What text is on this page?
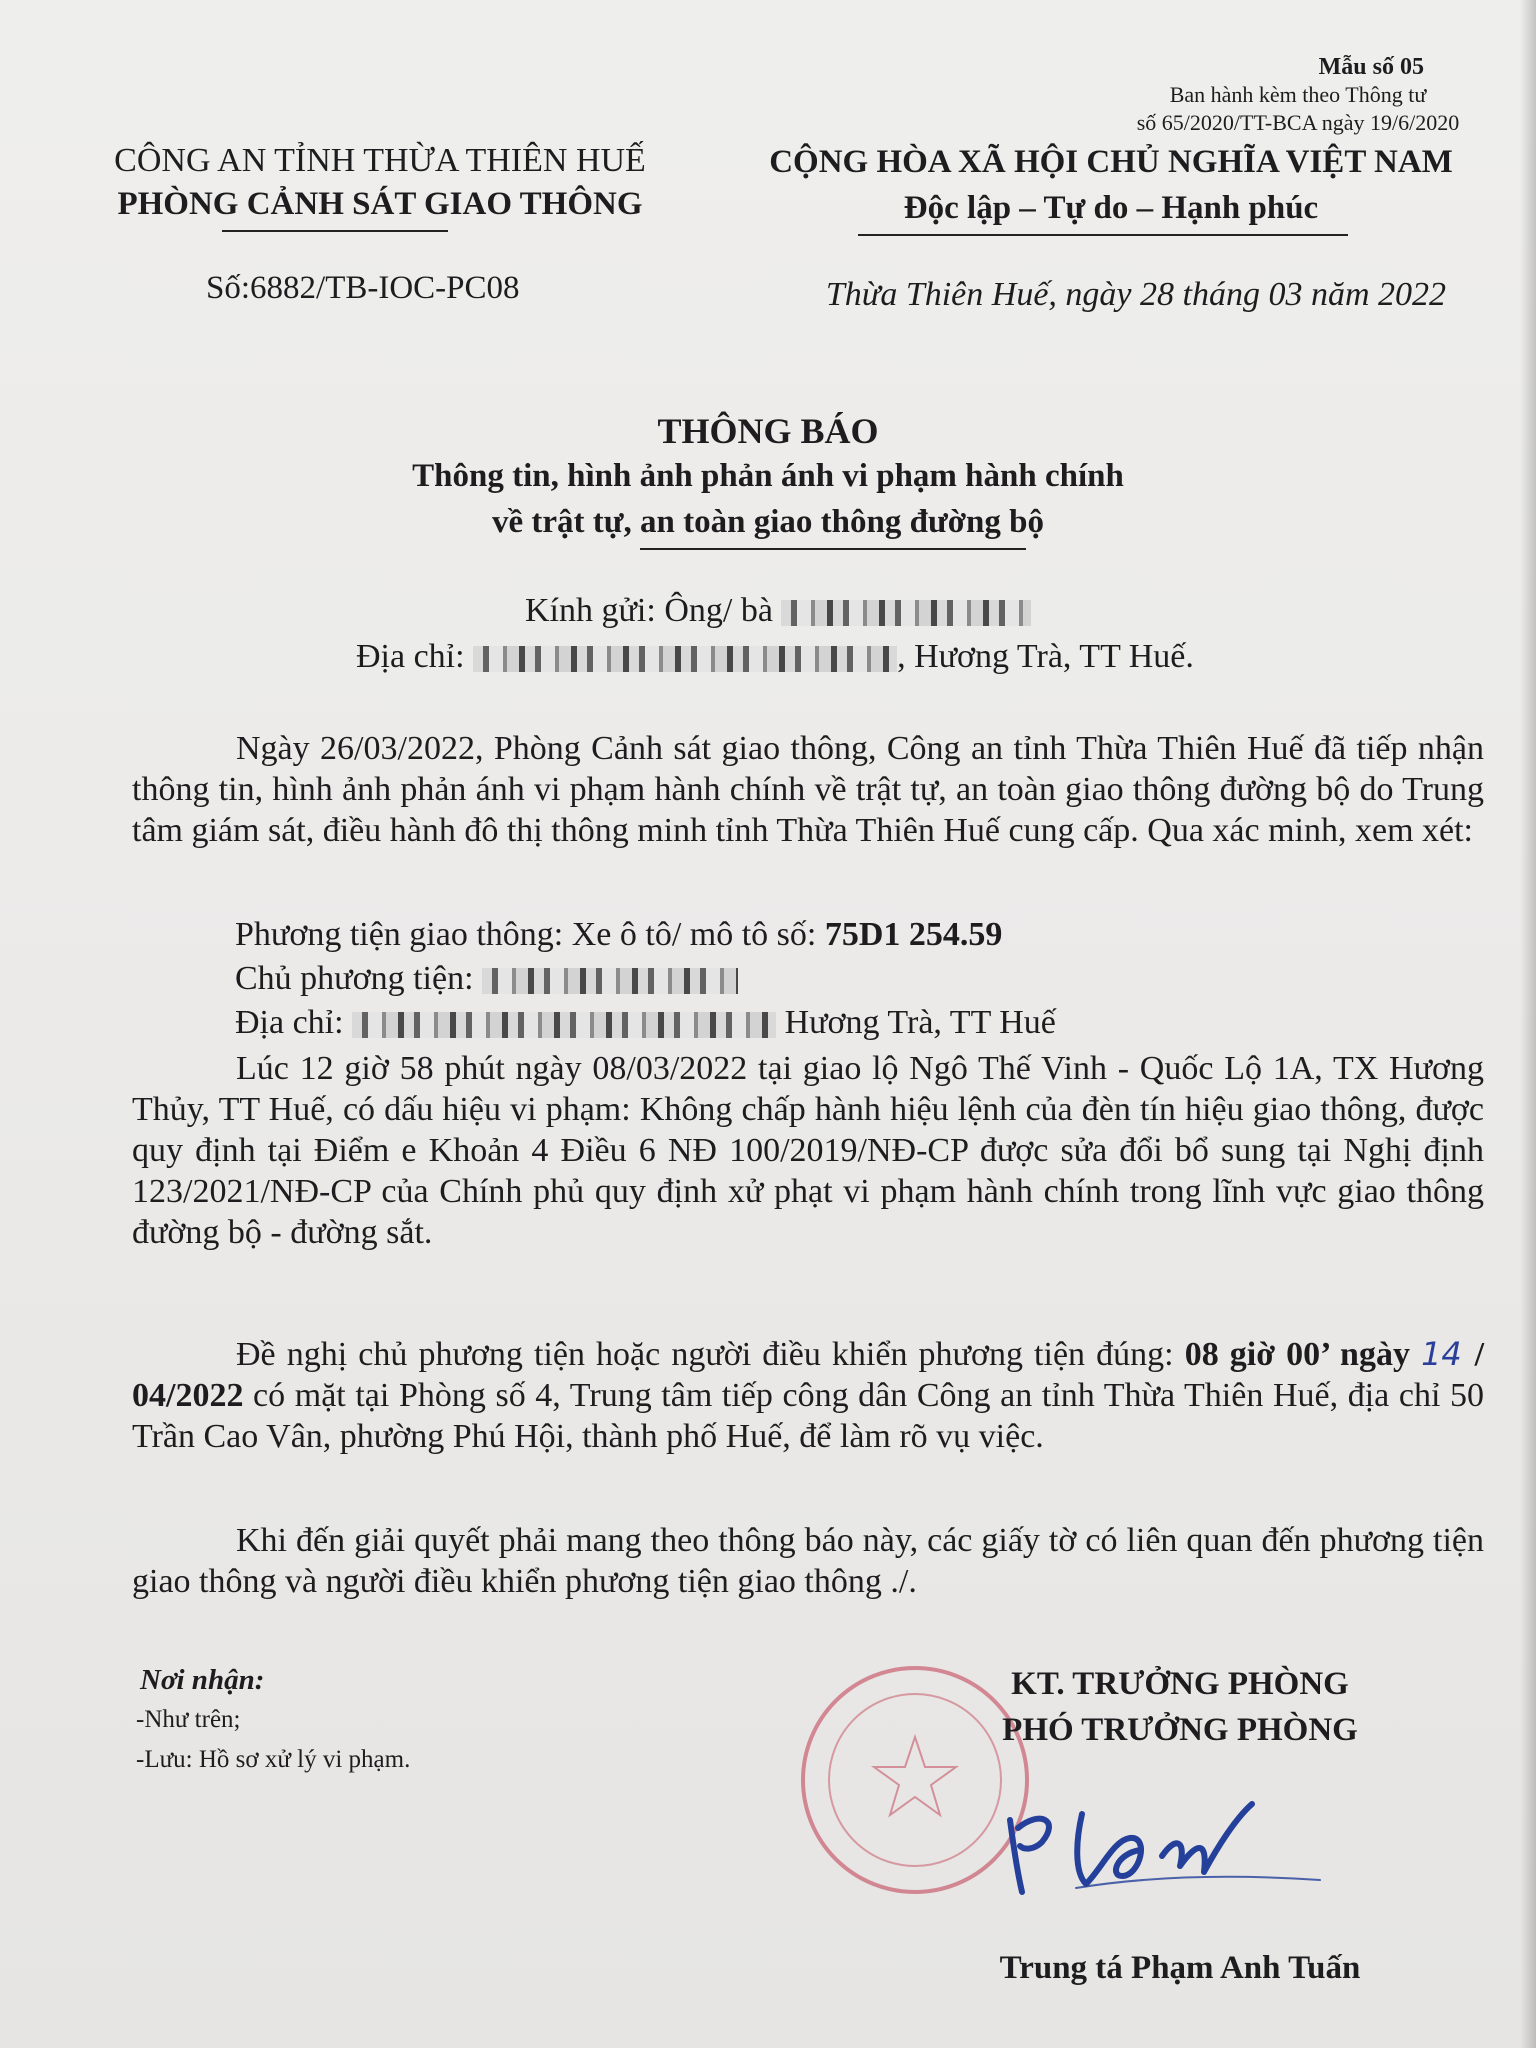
Mẫu số 05
Ban hành kèm theo Thông tư
số 65/2020/TT-BCA ngày 19/6/2020
CÔNG AN TỈNH THỪA THIÊN HUẾ
PHÒNG CẢNH SÁT GIAO THÔNG
CỘNG HÒA XÃ HỘI CHỦ NGHĨA VIỆT NAM
Độc lập – Tự do – Hạnh phúc
Số:6882/TB-IOC-PC08	Thừa Thiên Huế, ngày 28 tháng 03 năm 2022
THÔNG BÁO
Thông tin, hình ảnh phản ánh vi phạm hành chính
về trật tự, an toàn giao thông đường bộ
Kính gửi: Ông/ bà
Địa chỉ:	, Hương Trà, TT Huế.

Ngày 26/03/2022, Phòng Cảnh sát giao thông, Công an tỉnh Thừa Thiên Huế đã tiếp nhận thông tin, hình ảnh phản ánh vi phạm hành chính về trật tự, an toàn giao thông đường bộ do Trung tâm giám sát, điều hành đô thị thông minh tỉnh Thừa Thiên Huế cung cấp. Qua xác minh, xem xét:

Phương tiện giao thông: Xe ô tô/ mô tô số: 75D1 254.59
Chủ phương tiện:
Địa chỉ:	Hương Trà, TT Huế

Lúc 12 giờ 58 phút ngày 08/03/2022 tại giao lộ Ngô Thế Vinh - Quốc Lộ 1A, TX Hương Thủy, TT Huế, có dấu hiệu vi phạm: Không chấp hành hiệu lệnh của đèn tín hiệu giao thông, được quy định tại Điểm e Khoản 4 Điều 6 NĐ 100/2019/NĐ-CP được sửa đổi bổ sung tại Nghị định 123/2021/NĐ-CP của Chính phủ quy định xử phạt vi phạm hành chính trong lĩnh vực giao thông đường bộ - đường sắt.

Đề nghị chủ phương tiện hoặc người điều khiển phương tiện đúng: 08 giờ 00’ ngày 14 / 04/2022 có mặt tại Phòng số 4, Trung tâm tiếp công dân Công an tỉnh Thừa Thiên Huế, địa chỉ 50 Trần Cao Vân, phường Phú Hội, thành phố Huế, để làm rõ vụ việc.

Khi đến giải quyết phải mang theo thông báo này, các giấy tờ có liên quan đến phương tiện giao thông và người điều khiển phương tiện giao thông ./.

Nơi nhận:
-Như trên;
-Lưu: Hồ sơ xử lý vi phạm.
KT. TRƯỞNG PHÒNG
PHÓ TRƯỞNG PHÒNG
Trung tá Phạm Anh Tuấn
